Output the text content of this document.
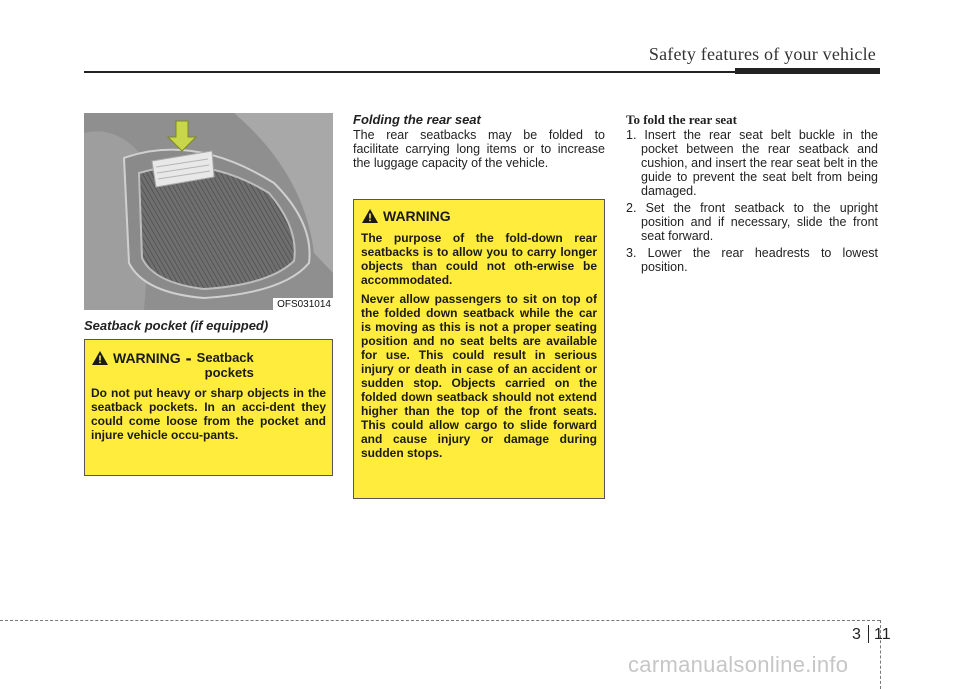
Safety features of your vehicle
OFS031014
Seatback pocket (if equipped)
WARNING - Seatback
pockets

Do not put heavy or sharp objects in the seatback pockets. In an acci-dent they could come loose from the pocket and injure vehicle occu-pants.

Folding the rear seat
The rear seatbacks may be folded to facilitate carrying long items or to increase the luggage capacity of the vehicle.
WARNING

The purpose of the fold-down rear seatbacks is to allow you to carry longer objects than could not oth-erwise be accommodated.

Never allow passengers to sit on top of the folded down seatback while the car is moving as this is not a proper seating position and no seat belts are available for use. This could result in serious injury or death in case of an accident or sudden stop. Objects carried on the folded down seatback should not extend higher than the top of the front seats. This could allow cargo to slide forward and cause injury or damage during sudden stops.

To fold the rear seat
1. Insert the rear seat belt buckle in the pocket between the rear seatback and cushion, and insert the rear seat belt in the guide to prevent the seat belt from being damaged.
2. Set the front seatback to the upright position and if necessary, slide the front seat forward.
3. Lower the rear headrests to lowest position.
3 11
carmanualsonline.info
